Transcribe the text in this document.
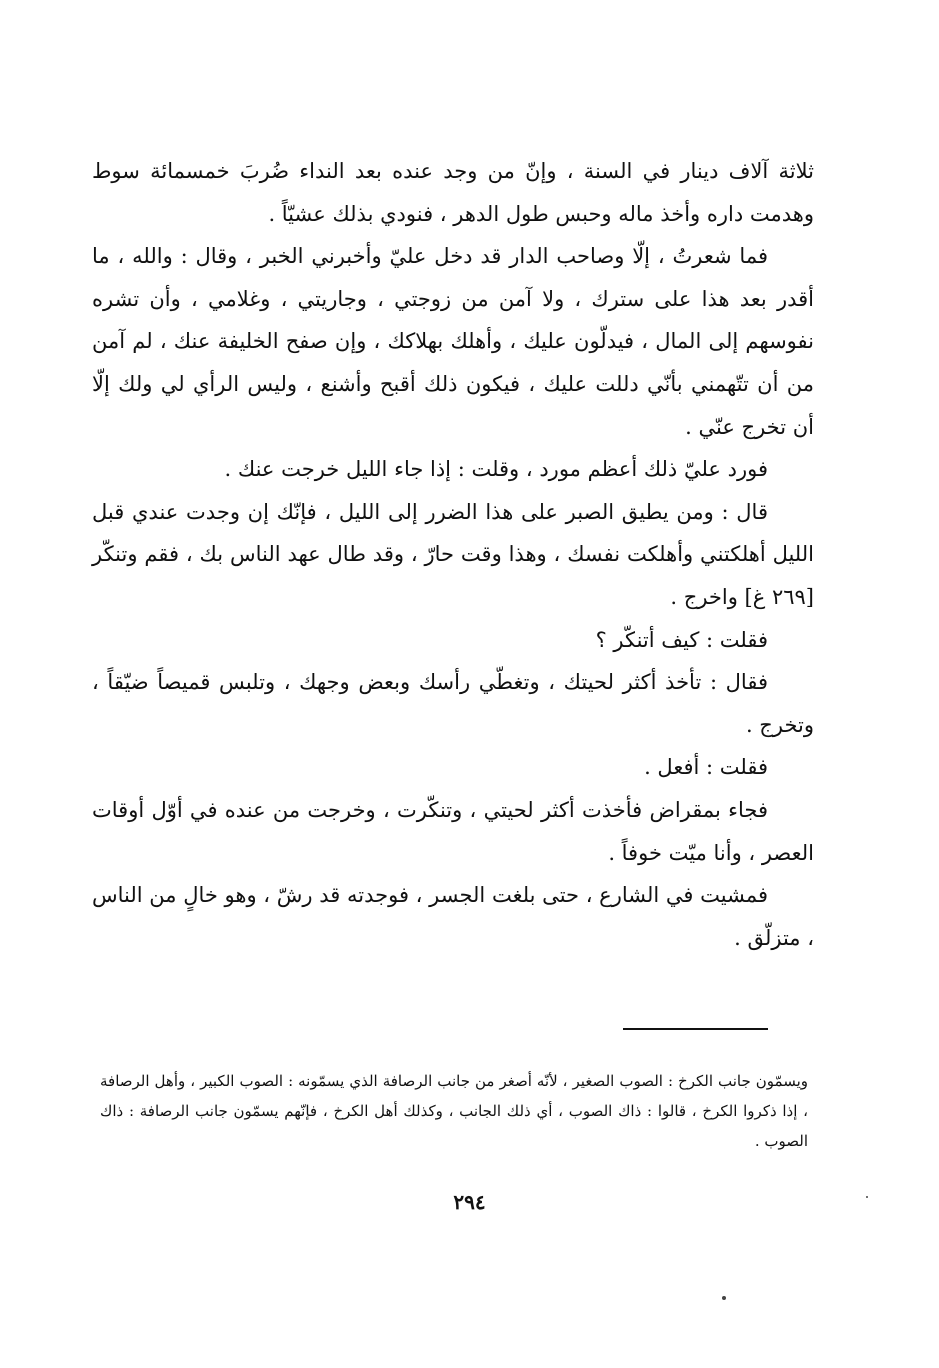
ثلاثة آلاف دينار في السنة ، وإنّ من وجد عنده بعد النداء ضُربَ خمسمائة سوط وهدمت داره وأخذ ماله وحبس طول الدهر ، فنودي بذلك عشيّاً .

فما شعرتُ ، إلّا وصاحب الدار قد دخل عليّ وأخبرني الخبر ، وقال : والله ، ما أقدر بعد هذا على سترك ، ولا آمن من زوجتي ، وجاريتي ، وغلامي ، وأن تشره نفوسهم إلى المال ، فيدلّون عليك ، وأهلك بهلاكك ، وإن صفح الخليفة عنك ، لم آمن من أن تتّهمني بأنّي دللت عليك ، فيكون ذلك أقبح وأشنع ، وليس الرأي لي ولك إلّا أن تخرج عنّي .

فورد عليّ ذلك أعظم مورد ، وقلت : إذا جاء الليل خرجت عنك .

قال : ومن يطيق الصبر على هذا الضرر إلى الليل ، فإنّك إن وجدت عندي قبل الليل أهلكتني وأهلكت نفسك ، وهذا وقت حارّ ، وقد طال عهد الناس بك ، فقم وتنكّر [٢٦٩ غ] واخرج .

فقلت : كيف أتنكّر ؟

فقال : تأخذ أكثر لحيتك ، وتغطّي رأسك وبعض وجهك ، وتلبس قميصاً ضيّقاً ، وتخرج .

فقلت : أفعل .

فجاء بمقراض فأخذت أكثر لحيتي ، وتنكّرت ، وخرجت من عنده في أوّل أوقات العصر ، وأنا ميّت خوفاً .

فمشيت في الشارع ، حتى بلغت الجسر ، فوجدته قد رشّ ، وهو خالٍ من الناس ، متزلّق .

ويسمّون جانب الكرخ : الصوب الصغير ، لأنّه أصغر من جانب الرصافة الذي يسمّونه : الصوب الكبير ، وأهل الرصافة ، إذا ذكروا الكرخ ، قالوا : ذاك الصوب ، أي ذلك الجانب ، وكذلك أهل الكرخ ، فإنّهم يسمّون جانب الرصافة : ذاك الصوب .

٢٩٤
